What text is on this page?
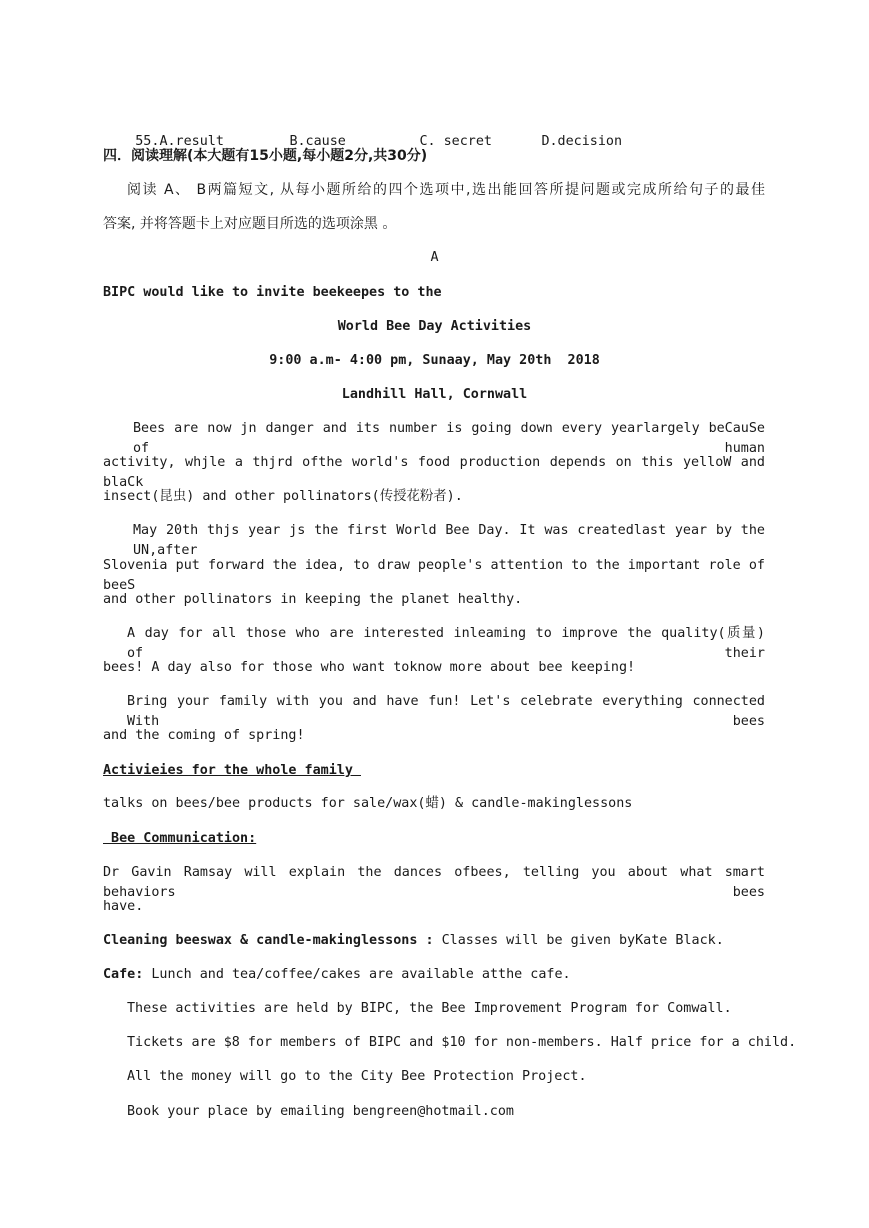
55.A.result	B.cause	C. secret	D.decision

四．阅读理解(本大题有15小题,每小题2分,共30分)
阅读 A、 B两篇短文, 从每小题所给的四个选项中,选出能回答所提问题或完成所给句子的最佳
答案, 并将答题卡上对应题目所选的选项涂黑 。
A
BIPC would like to invite beekeepes to the
World Bee Day Activities
9:00 a.m- 4:00 pm, Sunaay, May 20th  2018
Landhill Hall, Cornwall
Bees are now jn danger and its number is going down every yearlargely beCauSe of human
activity, whjle a thjrd ofthe world's food production depends on this yelloW and blaCk
insect(昆虫) and other pollinators(传授花粉者).
May 20th thjs year js the first World Bee Day. It was createdlast year by the UN,after
Slovenia put forward the idea, to draw people's attention to the important role of beeS
and other pollinators in keeping the planet healthy.
A day for all those who are interested inleaming to improve the quality(质量) of their
bees! A day also for those who want toknow more about bee keeping!
Bring your family with you and have fun! Let's celebrate everything connected With bees
and the coming of spring!
Activieies for the whole family
talks on bees/bee products for sale/wax(蜡) & candle-makinglessons
Bee Communication:
Dr Gavin Ramsay will explain the dances ofbees, telling you about what smart behaviors bees
have.
Cleaning beeswax & candle-makinglessons : Classes will be given byKate Black.
Cafe: Lunch and tea/coffee/cakes are available atthe cafe.
These activities are held by BIPC, the Bee Improvement Program for Comwall.
Tickets are $8 for members of BIPC and $10 for non-members. Half price for a child.
All the money will go to the City Bee Protection Project.
Book your place by emailing bengreen@hotmail.com
